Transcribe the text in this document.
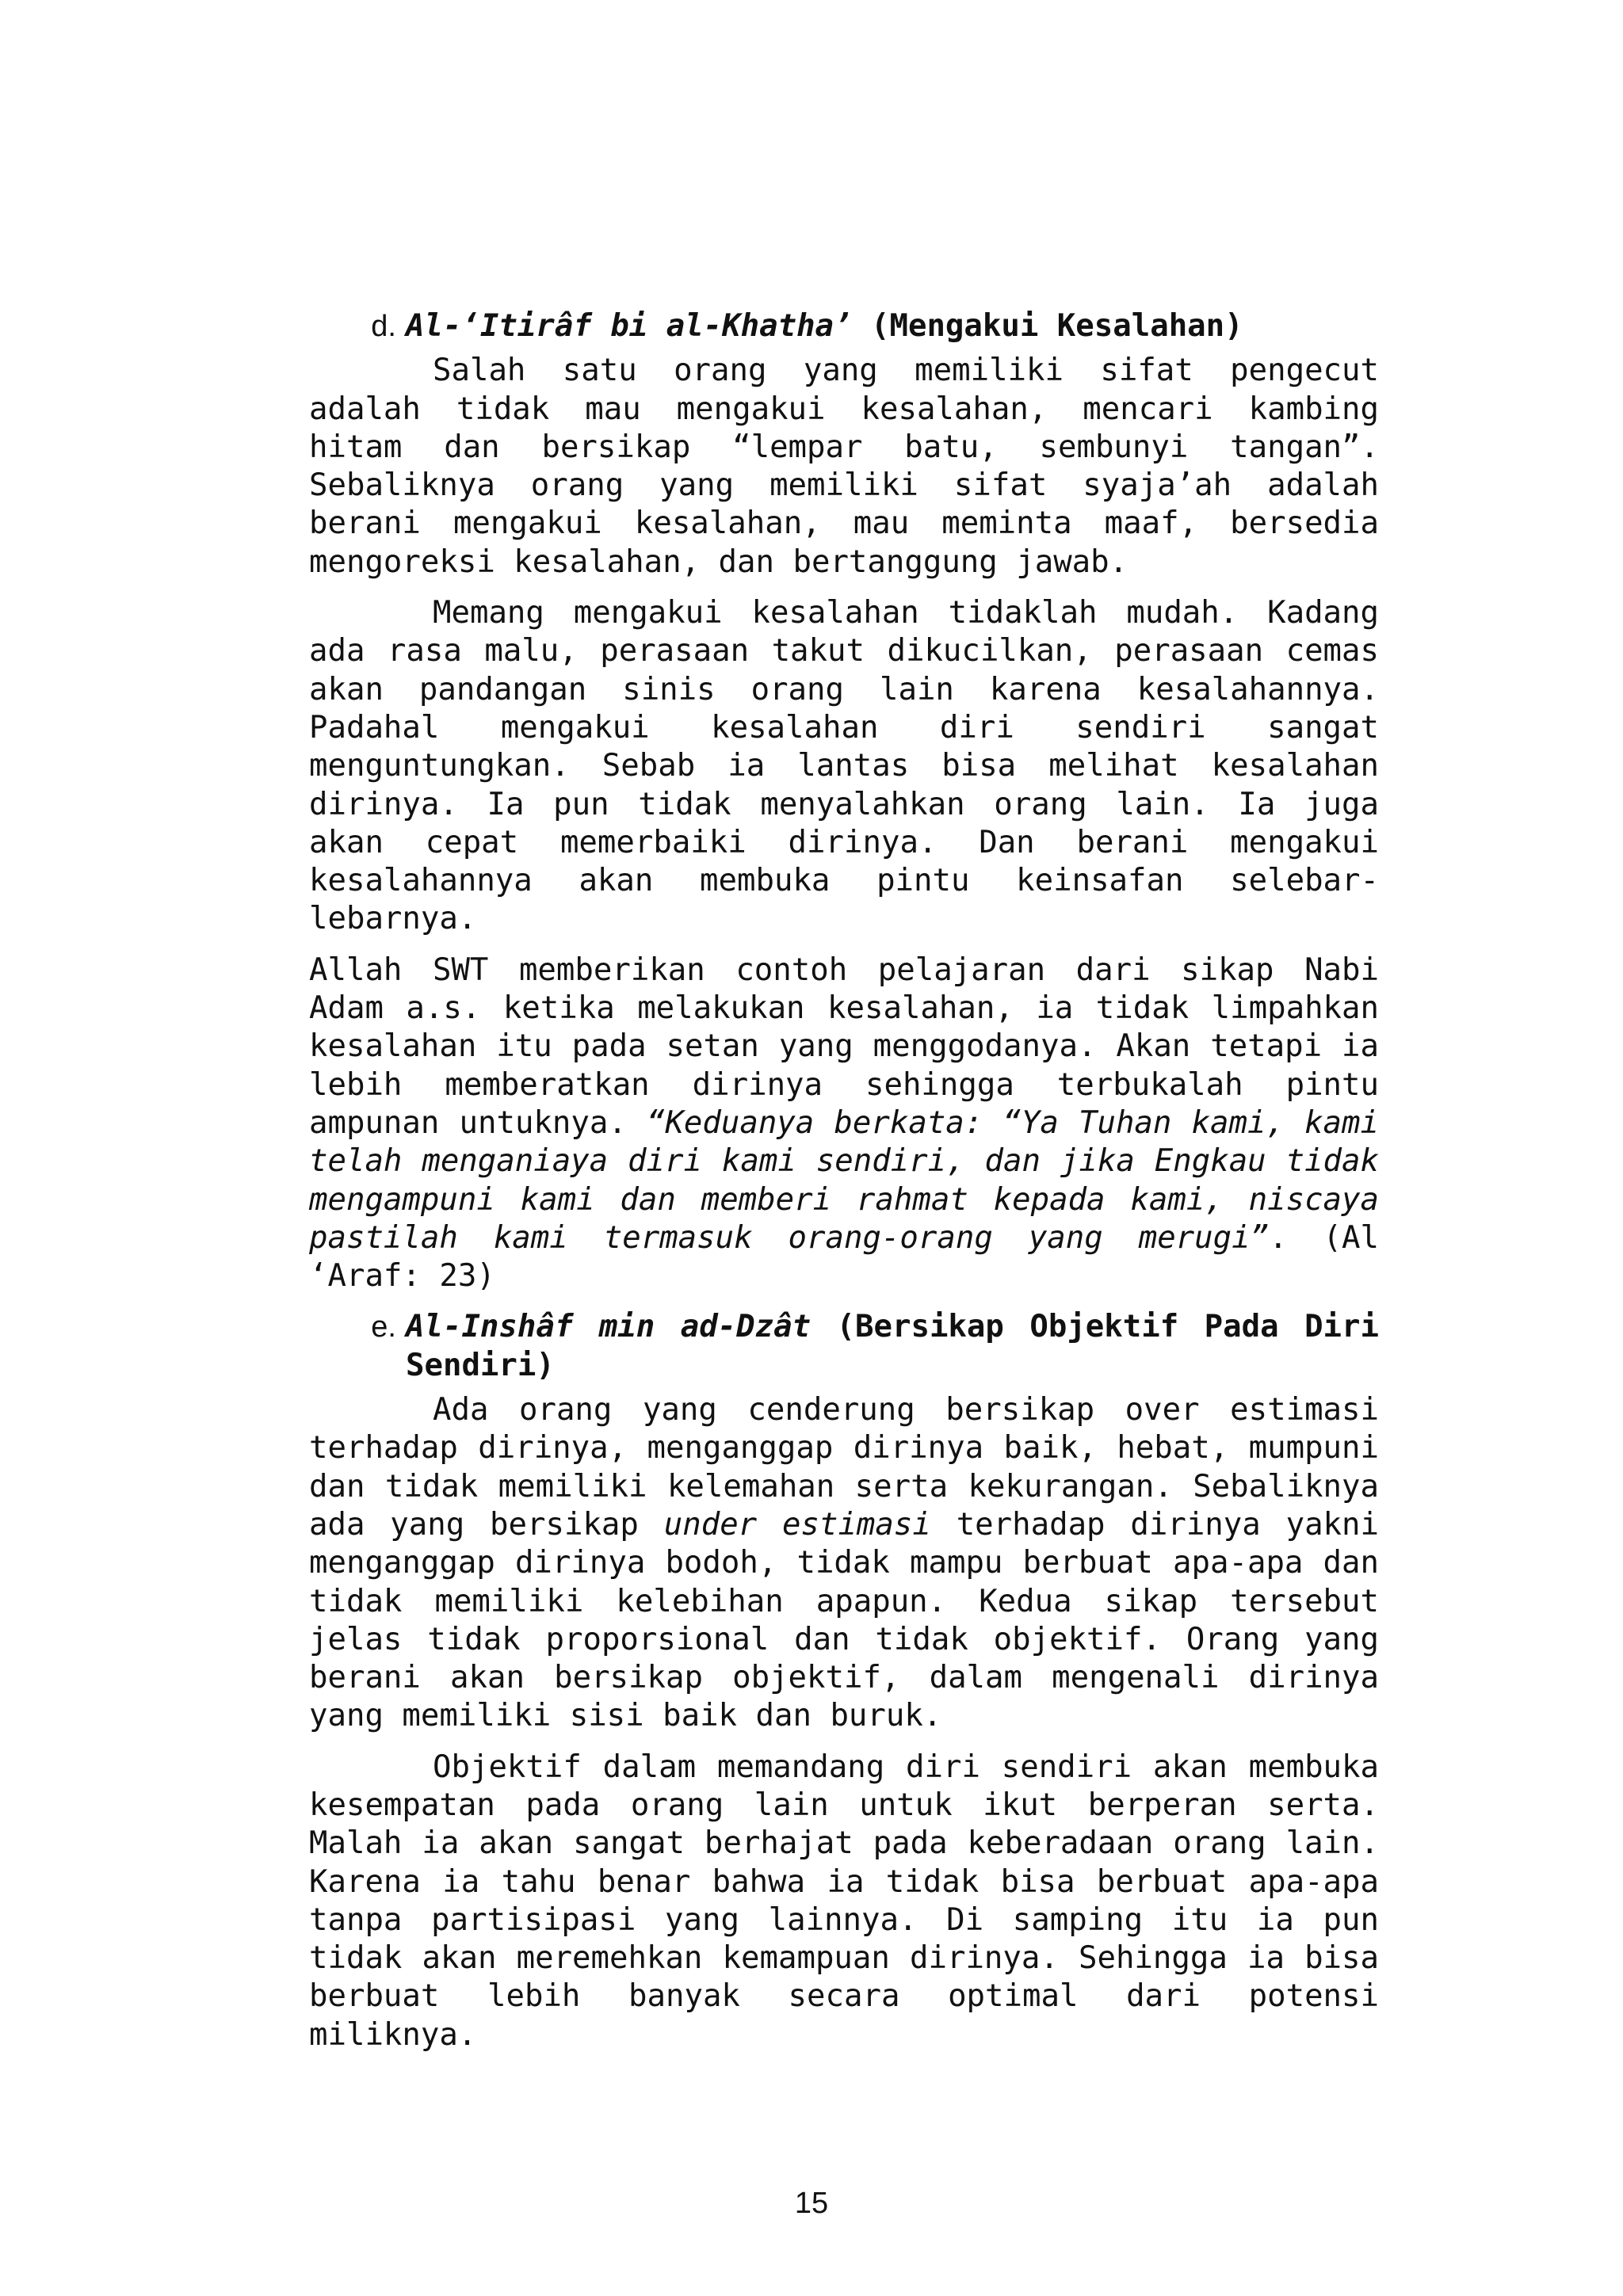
d. Al-‘Itirâf bi al-Khatha’ (Mengakui Kesalahan)

Salah satu orang yang memiliki sifat pengecut adalah tidak mau mengakui kesalahan, mencari kambing hitam dan bersikap “lempar batu, sembunyi tangan”. Sebaliknya orang yang memiliki sifat syaja’ah adalah berani mengakui kesalahan, mau meminta maaf, bersedia mengoreksi kesalahan, dan bertanggung jawab.

Memang mengakui kesalahan tidaklah mudah. Kadang ada rasa malu, perasaan takut dikucilkan, perasaan cemas akan pandangan sinis orang lain karena kesalahannya. Padahal mengakui kesalahan diri sendiri sangat menguntungkan. Sebab ia lantas bisa melihat kesalahan dirinya. Ia pun tidak menyalahkan orang lain. Ia juga akan cepat memerbaiki dirinya. Dan berani mengakui kesalahannya akan membuka pintu keinsafan selebar-lebarnya.

Allah SWT memberikan contoh pelajaran dari sikap Nabi Adam a.s. ketika melakukan kesalahan, ia tidak limpahkan kesalahan itu pada setan yang menggodanya. Akan tetapi ia lebih memberatkan dirinya sehingga terbukalah pintu ampunan untuknya. “Keduanya berkata: “Ya Tuhan kami, kami telah menganiaya diri kami sendiri, dan jika Engkau tidak mengampuni kami dan memberi rahmat kepada kami, niscaya pastilah kami termasuk orang-orang yang merugi”. (Al ‘Araf: 23)

e. Al-Inshâf min ad-Dzât (Bersikap Objektif Pada Diri Sendiri)

Ada orang yang cenderung bersikap over estimasi terhadap dirinya, menganggap dirinya baik, hebat, mumpuni dan tidak memiliki kelemahan serta kekurangan. Sebaliknya ada yang bersikap under estimasi terhadap dirinya yakni menganggap dirinya bodoh, tidak mampu berbuat apa-apa dan tidak memiliki kelebihan apapun. Kedua sikap tersebut jelas tidak proporsional dan tidak objektif. Orang yang berani akan bersikap objektif, dalam mengenali dirinya yang memiliki sisi baik dan buruk.

Objektif dalam memandang diri sendiri akan membuka kesempatan pada orang lain untuk ikut berperan serta. Malah ia akan sangat berhajat pada keberadaan orang lain. Karena ia tahu benar bahwa ia tidak bisa berbuat apa-apa tanpa partisipasi yang lainnya. Di samping itu ia pun tidak akan meremehkan kemampuan dirinya. Sehingga ia bisa berbuat lebih banyak secara optimal dari potensi miliknya.

15
